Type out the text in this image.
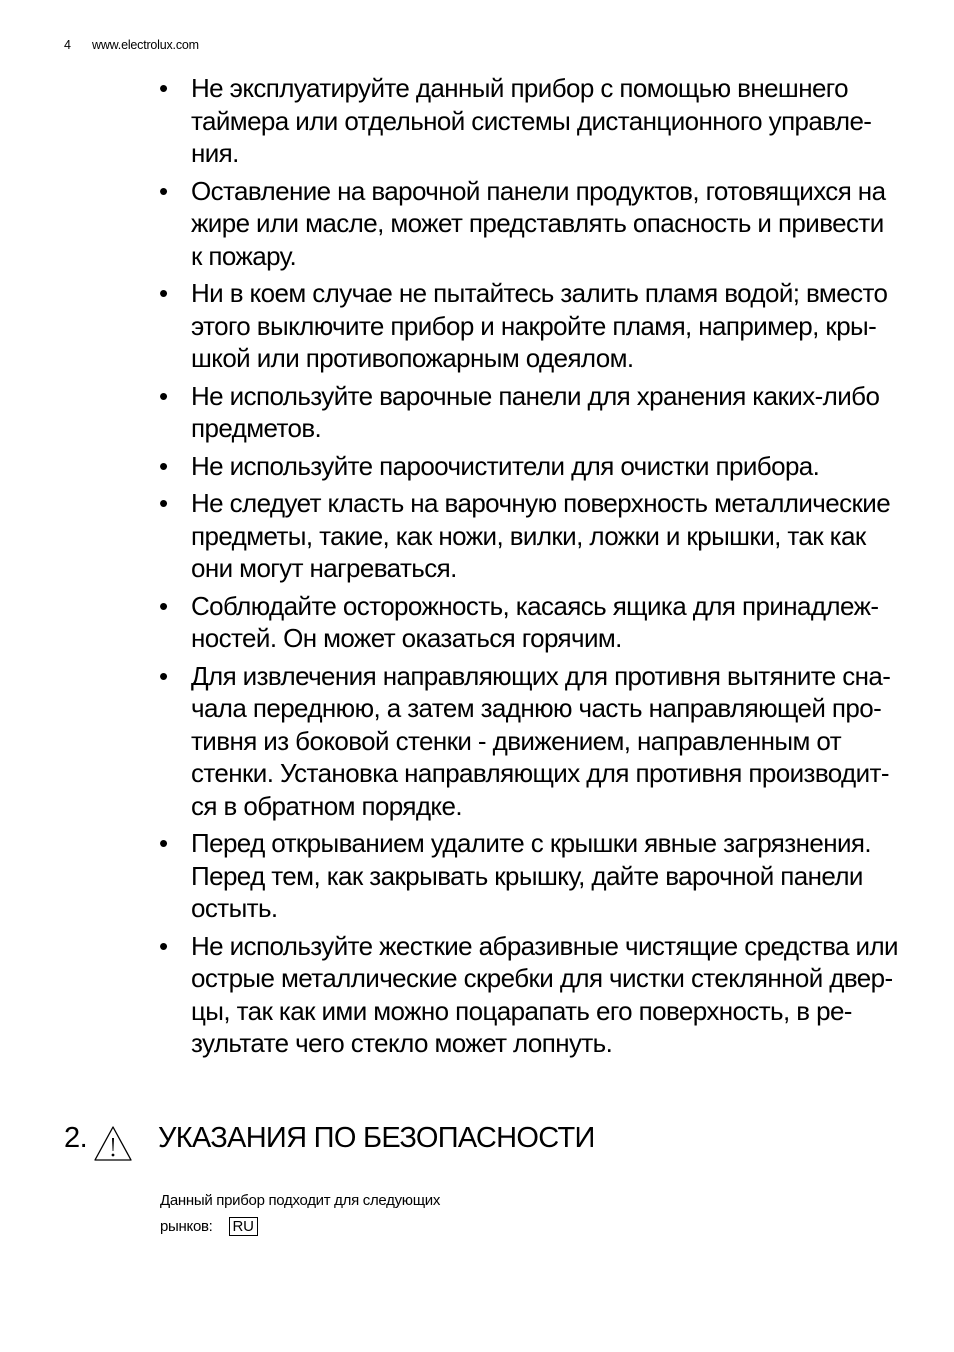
4 www.electrolux.com
• Не эксплуатируйте данный прибор с помощью внешнего
таймера или отдельной системы дистанционного управле-
ния.
• Оставление на варочной панели продуктов, готовящихся на
жире или масле, может представлять опасность и привести
к пожару.
• Ни в коем случае не пытайтесь залить пламя водой; вместо
этого выключите прибор и накройте пламя, например, кры-
шкой или противопожарным одеялом.
• Не используйте варочные панели для хранения каких-либо
предметов.
• Не используйте пароочистители для очистки прибора.
• Не следует класть на варочную поверхность металлические
предметы, такие, как ножи, вилки, ложки и крышки, так как
они могут нагреваться.
• Соблюдайте осторожность, касаясь ящика для принадлеж-
ностей. Он может оказаться горячим.
• Для извлечения направляющих для противня вытяните сна-
чала переднюю, а затем заднюю часть направляющей про-
тивня из боковой стенки - движением, направленным от
стенки. Установка направляющих для противня производит-
ся в обратном порядке.
• Перед открыванием удалите с крышки явные загрязнения.
Перед тем, как закрывать крышку, дайте варочной панели
остыть.
• Не используйте жесткие абразивные чистящие средства или
острые металлические скребки для чистки стеклянной двер-
цы, так как ими можно поцарапать его поверхность, в ре-
зультате чего стекло может лопнуть.
2. УКАЗАНИЯ ПО БЕЗОПАСНОСТИ
Данный прибор подходит для следующих
рынков: RU
